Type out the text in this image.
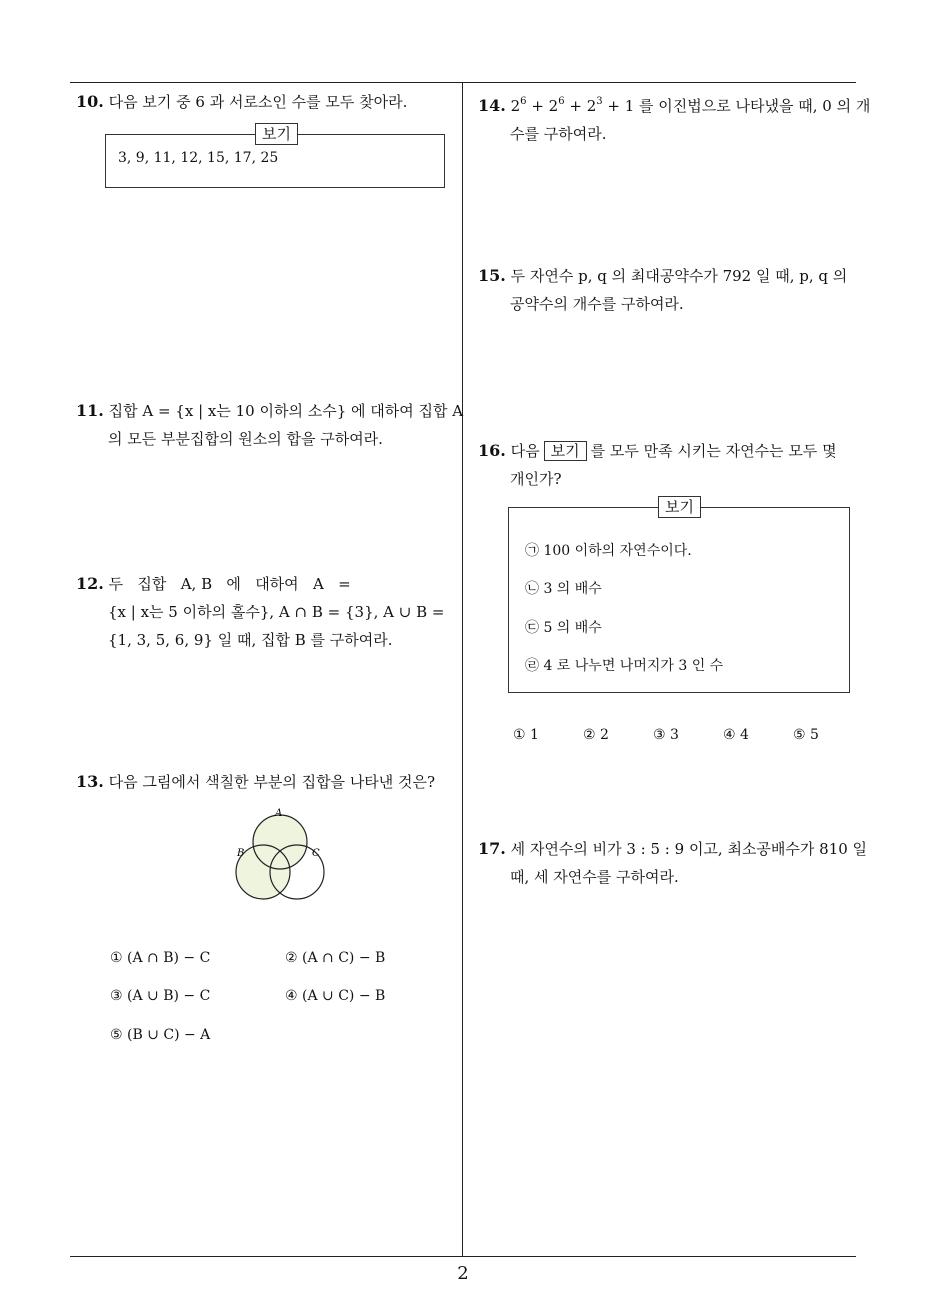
10. 다음 보기 중 6 과 서로소인 수를 모두 찾아라.
보기
3, 9, 11, 12, 15, 17, 25
11. 집합 A = {x | x는 10 이하의 소수} 에 대하여 집합 A
의 모든 부분집합의 원소의 합을 구하여라.
12. 두   집합   A, B   에   대하여   A   =
{x | x는 5 이하의 홀수}, A ∩ B = {3}, A ∪ B =
{1, 3, 5, 6, 9} 일 때, 집합 B 를 구하여라.
13. 다음 그림에서 색칠한 부분의 집합을 나타낸 것은?
A
B	C
① (A ∩ B) − C	② (A ∩ C) − B
③ (A ∪ B) − C	④ (A ∪ C) − B
⑤ (B ∪ C) − A
14. $2^6 + 2^6 + 2^3 + 1$ 를 이진법으로 나타냈을 때, 0 의 개
수를 구하여라.
15. 두 자연수 p, q 의 최대공약수가 792 일 때, p, q 의
공약수의 개수를 구하여라.
16. 다음 보기 를 모두 만족 시키는 자연수는 모두 몇
개인가?
보기
㉠ 100 이하의 자연수이다.
㉡ 3 의 배수
㉢ 5 의 배수
㉣ 4 로 나누면 나머지가 3 인 수
① 1	② 2	③ 3	④ 4	⑤ 5
17. 세 자연수의 비가 3 : 5 : 9 이고, 최소공배수가 810 일
때, 세 자연수를 구하여라.
2
